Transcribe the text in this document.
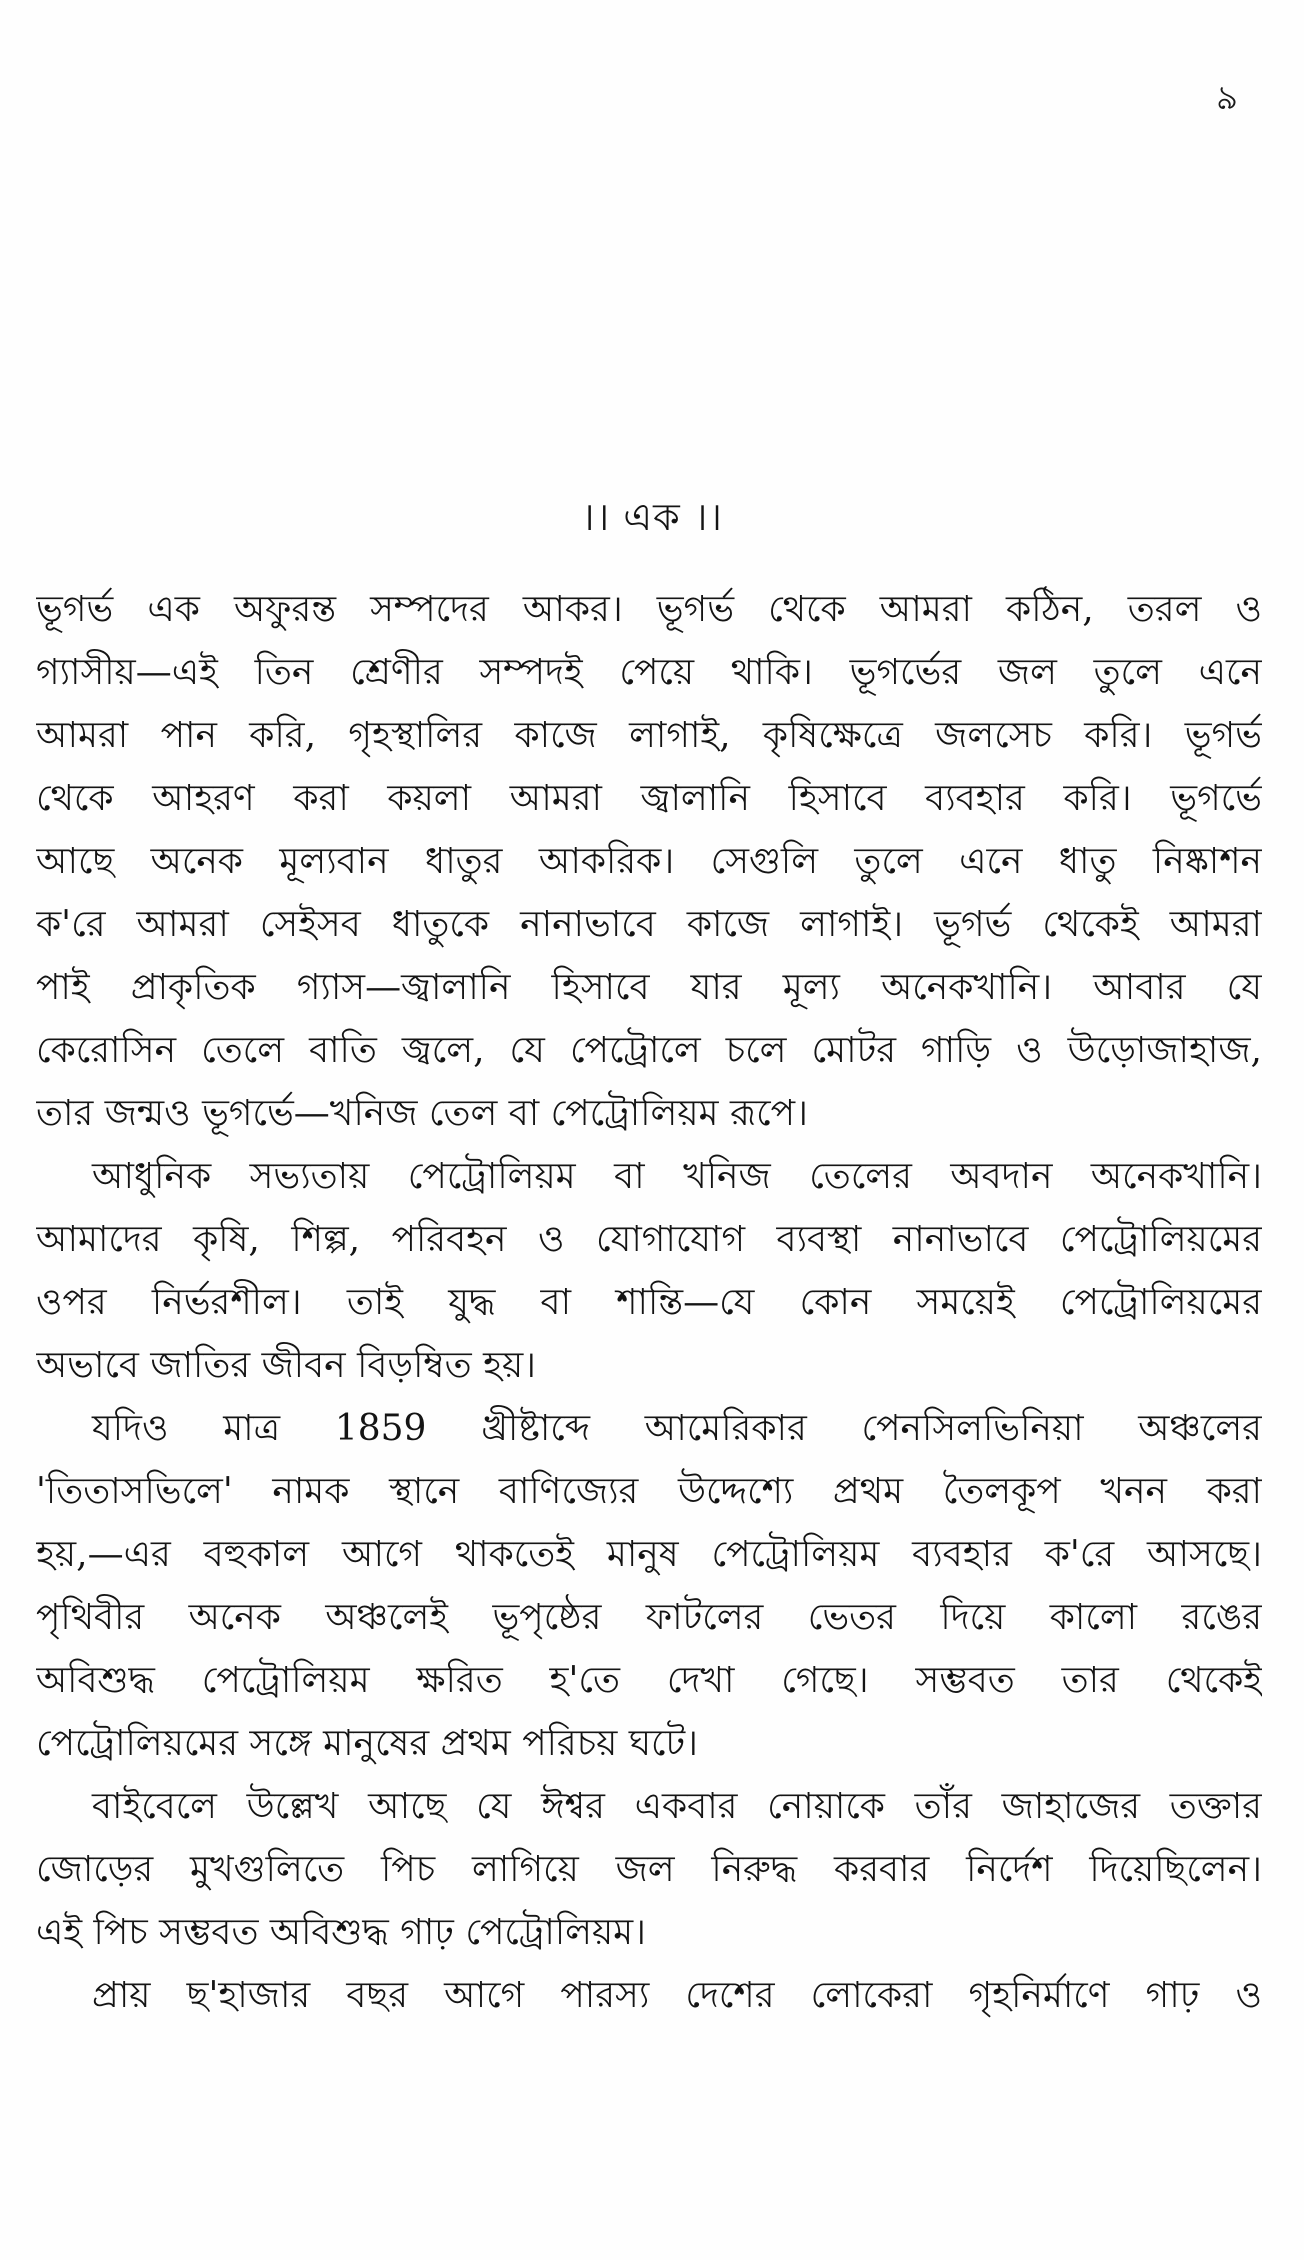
৯
।। এক ।।
ভূগর্ভ এক অফুরন্ত সম্পদের আকর। ভূগর্ভ থেকে আমরা কঠিন, তরল ও
গ্যাসীয়—এই তিন শ্রেণীর সম্পদই পেয়ে থাকি। ভূগর্ভের জল তুলে এনে
আমরা পান করি, গৃহস্থালির কাজে লাগাই, কৃষিক্ষেত্রে জলসেচ করি। ভূগর্ভ
থেকে আহরণ করা কয়লা আমরা জ্বালানি হিসাবে ব্যবহার করি। ভূগর্ভে
আছে অনেক মূল্যবান ধাতুর আকরিক। সেগুলি তুলে এনে ধাতু নিষ্কাশন
ক'রে আমরা সেইসব ধাতুকে নানাভাবে কাজে লাগাই। ভূগর্ভ থেকেই আমরা
পাই প্রাকৃতিক গ্যাস—জ্বালানি হিসাবে যার মূল্য অনেকখানি। আবার যে
কেরোসিন তেলে বাতি জ্বলে, যে পেট্রোলে চলে মোটর গাড়ি ও উড়োজাহাজ,
তার জন্মও ভূগর্ভে—খনিজ তেল বা পেট্রোলিয়ম রূপে।
আধুনিক সভ্যতায় পেট্রোলিয়ম বা খনিজ তেলের অবদান অনেকখানি।
আমাদের কৃষি, শিল্প, পরিবহন ও যোগাযোগ ব্যবস্থা নানাভাবে পেট্রোলিয়মের
ওপর নির্ভরশীল। তাই যুদ্ধ বা শান্তি—যে কোন সময়েই পেট্রোলিয়মের
অভাবে জাতির জীবন বিড়ম্বিত হয়।
যদিও মাত্র 1859 খ্রীষ্টাব্দে আমেরিকার পেনসিলভিনিয়া অঞ্চলের
'তিতাসভিলে' নামক স্থানে বাণিজ্যের উদ্দেশ্যে প্রথম তৈলকূপ খনন করা
হয়,—এর বহুকাল আগে থাকতেই মানুষ পেট্রোলিয়ম ব্যবহার ক'রে আসছে।
পৃথিবীর অনেক অঞ্চলেই ভূপৃষ্ঠের ফাটলের ভেতর দিয়ে কালো রঙের
অবিশুদ্ধ পেট্রোলিয়ম ক্ষরিত হ'তে দেখা গেছে। সম্ভবত তার থেকেই
পেট্রোলিয়মের সঙ্গে মানুষের প্রথম পরিচয় ঘটে।
বাইবেলে উল্লেখ আছে যে ঈশ্বর একবার নোয়াকে তাঁর জাহাজের তক্তার
জোড়ের মুখগুলিতে পিচ লাগিয়ে জল নিরুদ্ধ করবার নির্দেশ দিয়েছিলেন।
এই পিচ সম্ভবত অবিশুদ্ধ গাঢ় পেট্রোলিয়ম।
প্রায় ছ'হাজার বছর আগে পারস্য দেশের লোকেরা গৃহনির্মাণে গাঢ় ও
